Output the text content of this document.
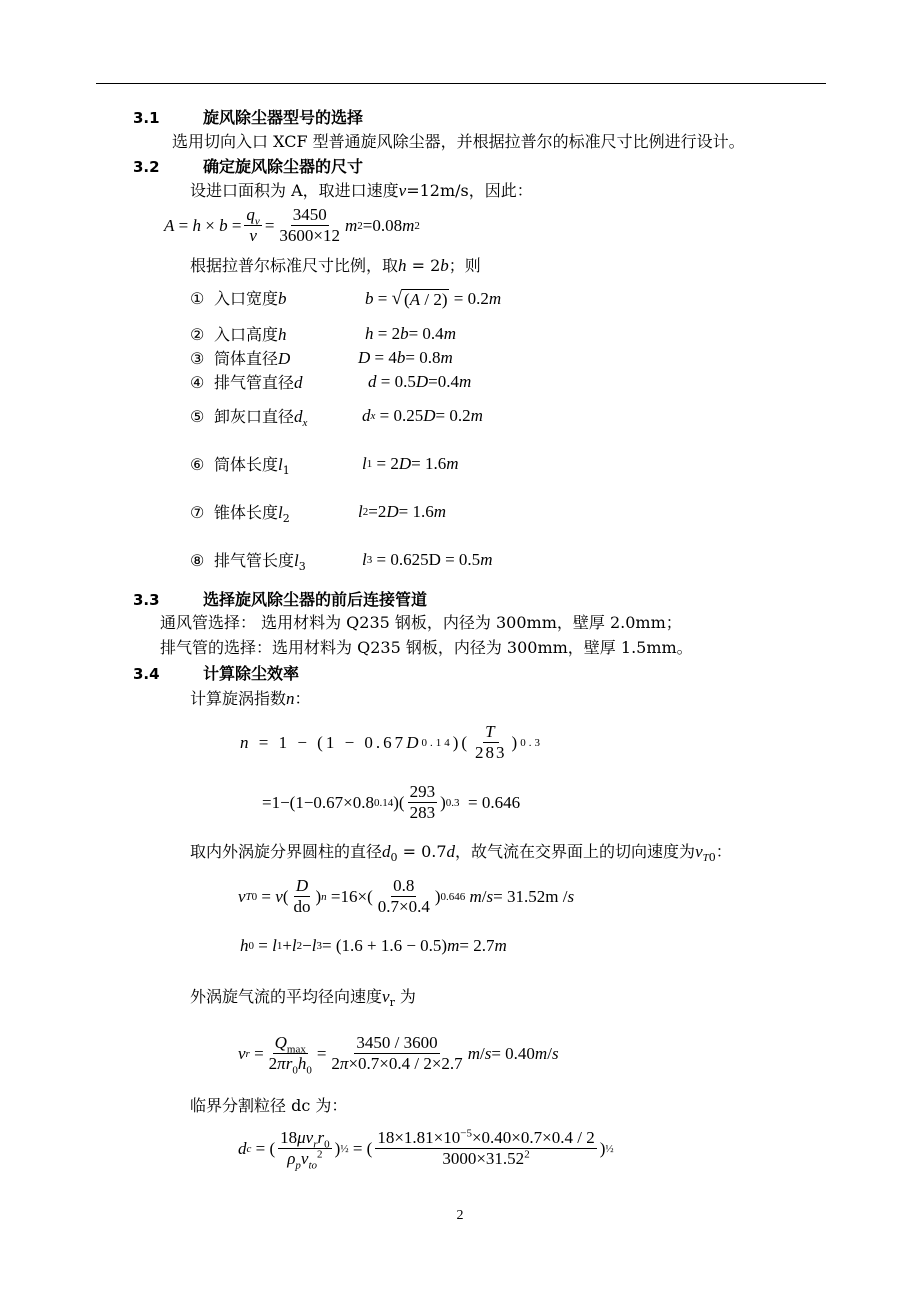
3.1	旋风除尘器型号的选择
选用切向入口 XCF 型普通旋风除尘器，并根据拉普尔的标准尺寸比例进行设计。
3.2	确定旋风除尘器的尺寸
设进口面积为 A，取进口速度v=12m/s，因此：
$A = h \times b = \frac{q_v}{v} = \frac{3450}{3600\times 12}$ m 2 =0.08 m 2
根据拉普尔标准尺寸比例，取h = 2b；则
① 入口宽度b	b = √ (A / 2) = 0.2 m
② 入口高度h	h = 2 b = 0.4 m
③ 筒体直径D	D = 4 b = 0.8 m
④ 排气管直径d	d = 0.5 D =0.4 m
⑤ 卸灰口直径$d_x$	d x = 0.25 D = 0.2 m
⑥ 筒体长度$l_1$	l 1 = 2 D = 1.6 m
⑦ 锥体长度$l_2$	l 2 =2 D = 1.6 m
⑧ 排气管长度$l_3$	l 3 = 0.625D = 0.5 m
3.3	选择旋风除尘器的前后连接管道
通风管选择： 选用材料为 Q235 钢板，内径为 300mm，壁厚 2.0mm；
排气管的选择：选用材料为 Q235 钢板，内径为 300mm，壁厚 1.5mm。
3.4	计算除尘效率
计算旋涡指数n：
n = 1 − (1 − 0.67 D 0.14 )( $\frac{T}{283}$ ) 0.3
=1−(1−0.67×0.8 0.14 )( $\frac{293}{283}$ ) 0.3 = 0.646
取内外涡旋分界圆柱的直径$d_0 = 0.7d$，故气流在交界面上的切向速度为$v_{T0}$：
v T0 = v ( $\frac{D}{do}$ ) $n =16\times( \frac{0.8}{0.7\times 0.4}$ ) 0.646
m / s = 31.52m / s
h 0 = l 1 + l 2 − l 3 = (1.6 + 1.6 − 0.5) m = 2.7 m
外涡旋气流的平均径向速度$v_r$ 为
v $r = \frac{Q_{max}}{2\pi r_0h_0} = \frac{3450 / 3600}{2\pi\times 0.7\times 0.4 / 2\times 2.7}$ m / s = 0.40 m / s
临界分割粒径 dc 为：
d c = ( $\frac{18\mu v_rr_0}{\rho_pv_{to}^2}$ ) ½ = ( $\frac{18\times 1.81\times 10^{-5}\times 0.40\times 0.7\times 0.4 / 2}{3000\times 31.52^2}$ ) ½
2
